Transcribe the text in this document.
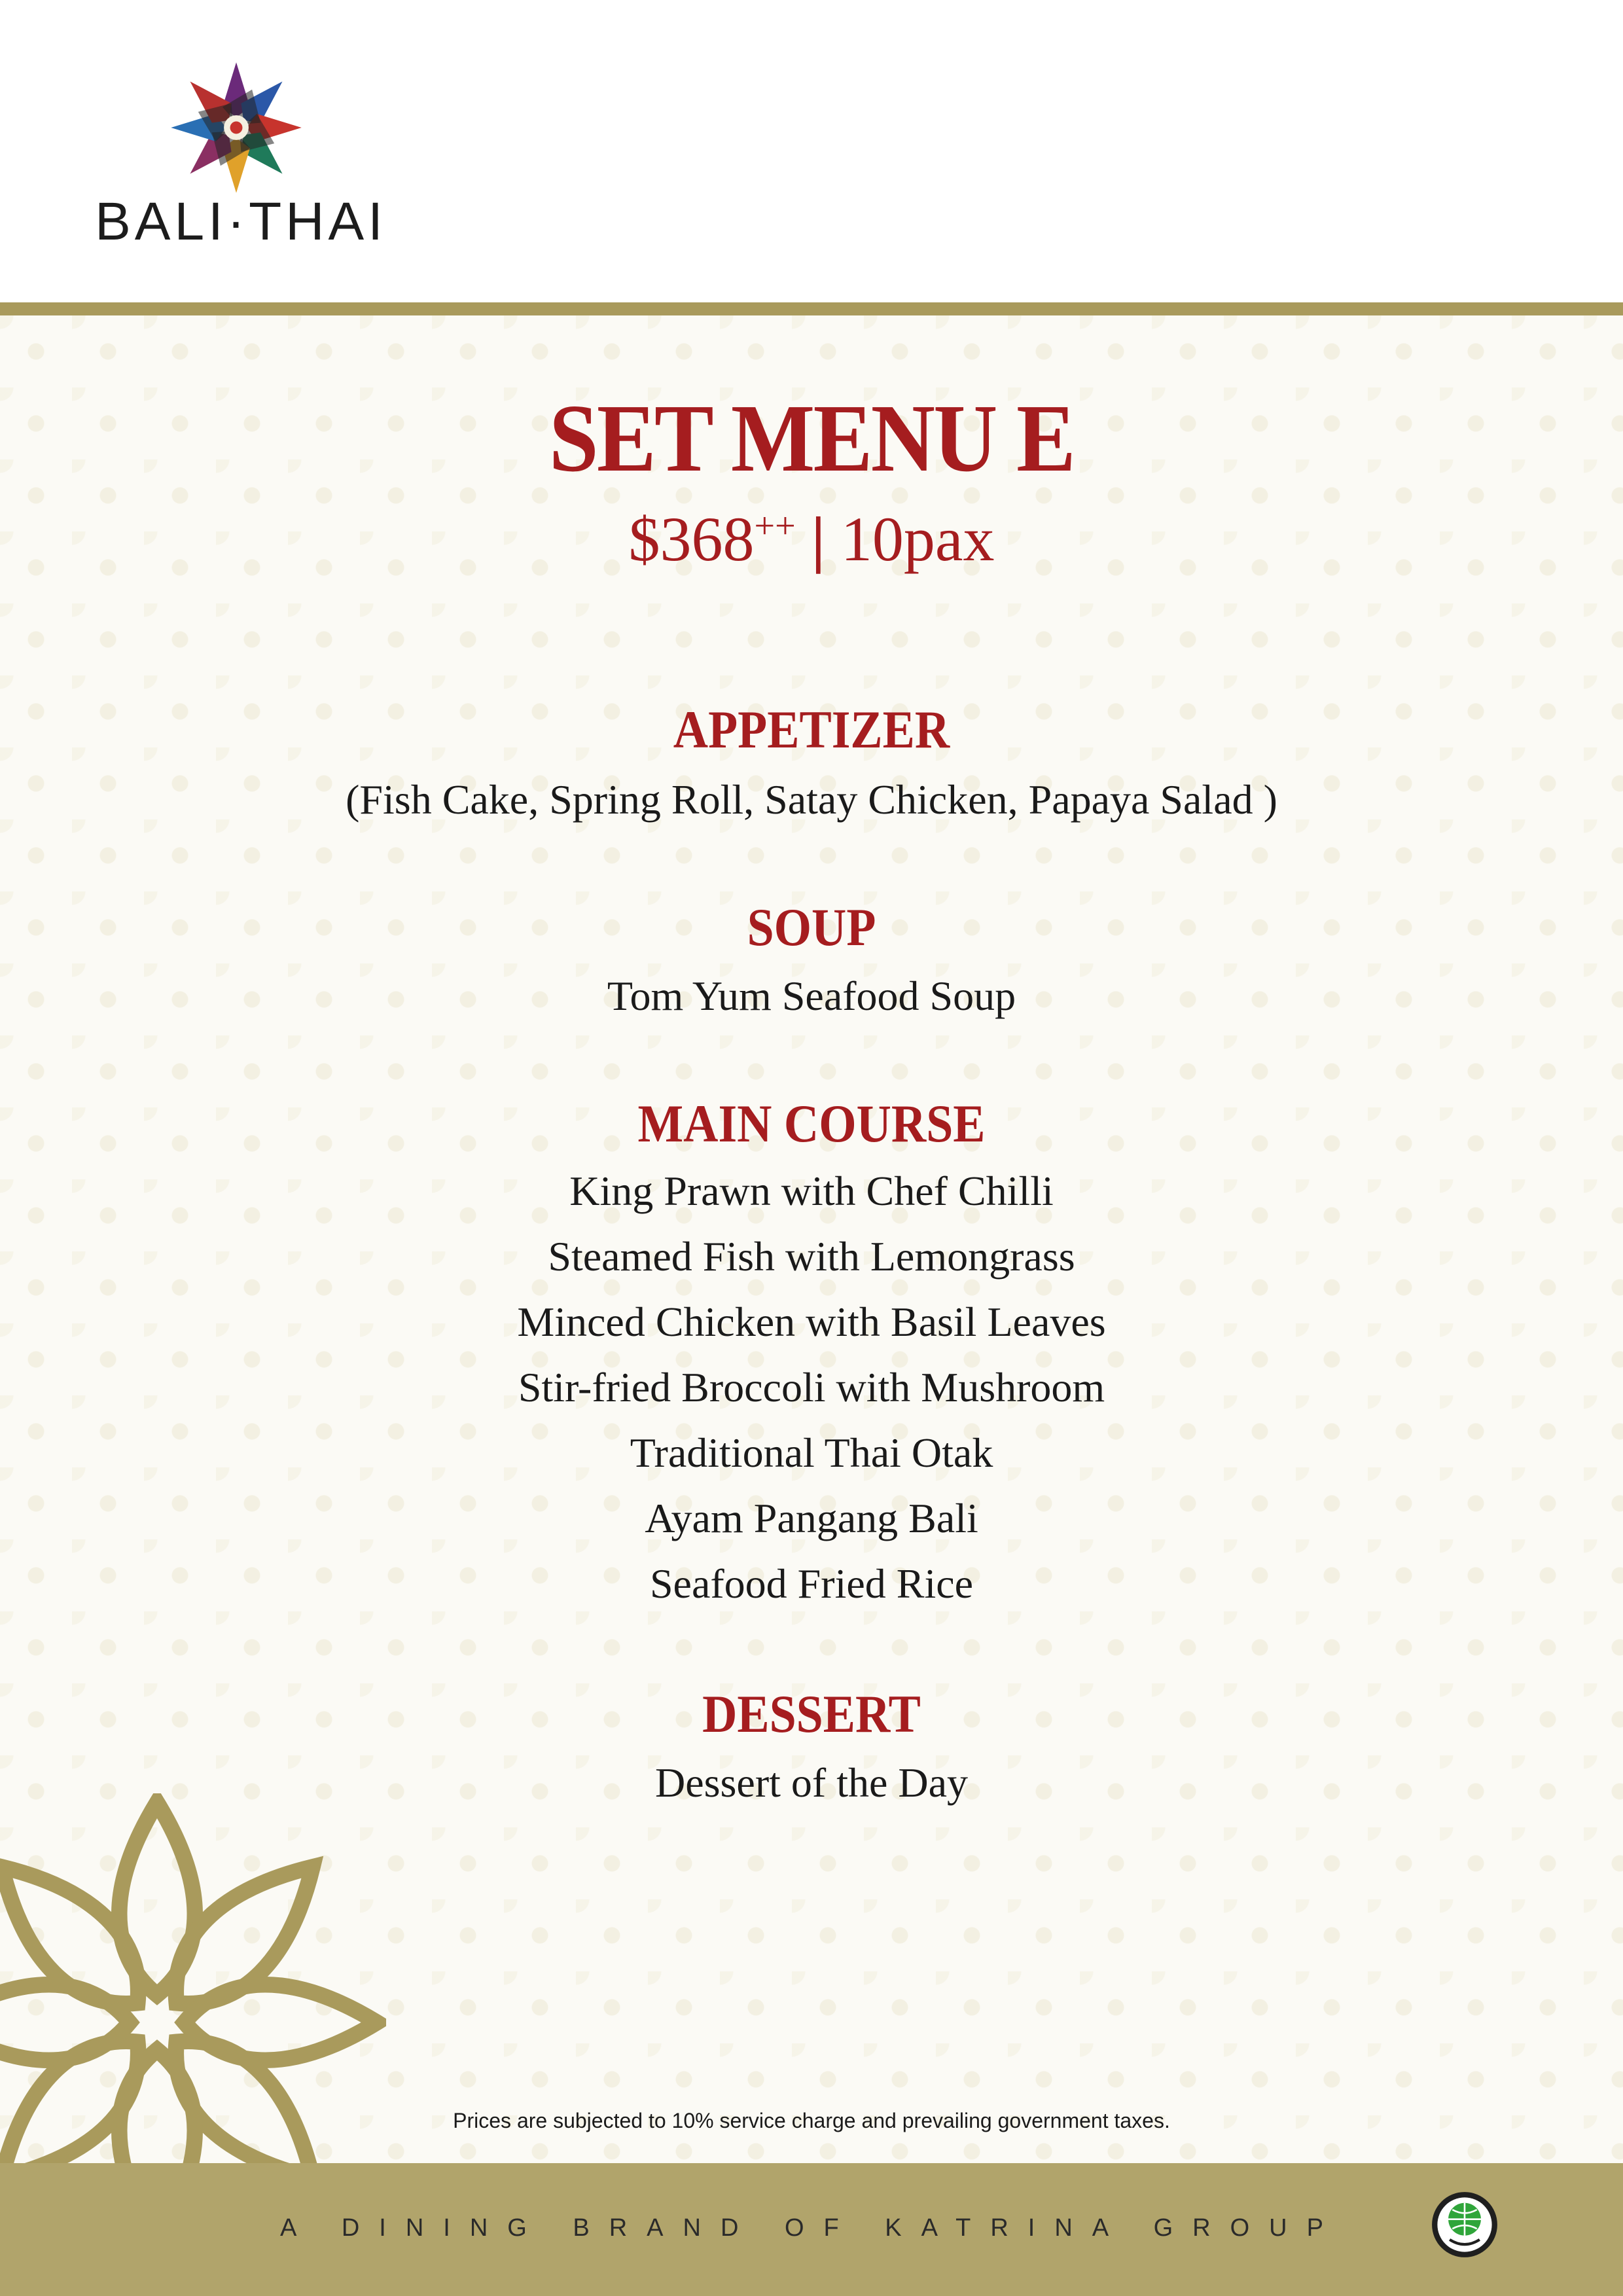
BALI·THAI
SET MENU E
$368++ | 10pax
APPETIZER
(Fish Cake, Spring Roll, Satay Chicken, Papaya Salad )
SOUP
Tom Yum Seafood Soup
MAIN COURSE
King Prawn with Chef Chilli
Steamed Fish with Lemongrass
Minced Chicken with Basil Leaves
Stir-fried Broccoli with Mushroom
Traditional Thai Otak
Ayam Pangang Bali
Seafood Fried Rice
DESSERT
Dessert of the Day
Prices are subjected to 10% service charge and prevailing government taxes.
A DINING BRAND OF KATRINA GROUP
